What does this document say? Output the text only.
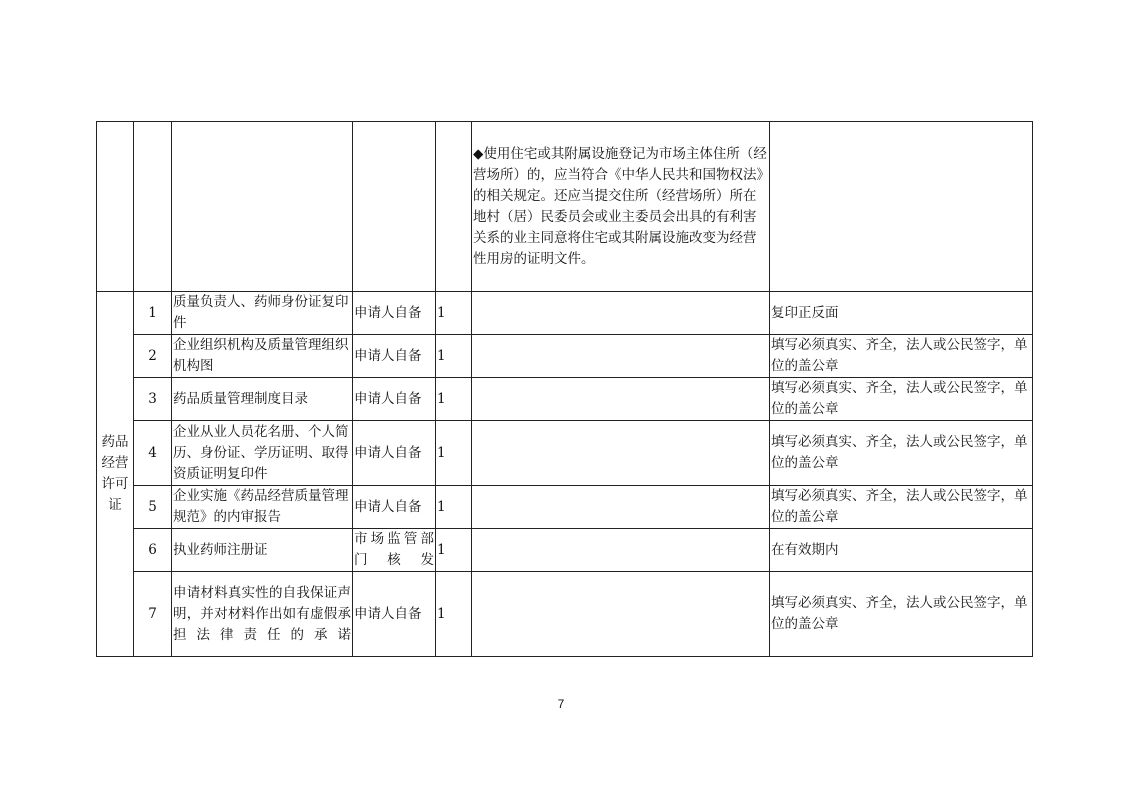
					◆使用住宅或其附属设施登记为市场主体住所（经营场所）的，应当符合《中华人民共和国物权法》的相关规定。还应当提交住所（经营场所）所在地村（居）民委员会或业主委员会出具的有利害关系的业主同意将住宅或其附属设施改变为经营性用房的证明文件。	
药品经营许可证	1	质量负责人、药师身份证复印件	申请人自备	1		复印正反面
	2	企业组织机构及质量管理组织机构图	申请人自备	1		填写必须真实、齐全，法人或公民签字，单位的盖公章
	3	药品质量管理制度目录	申请人自备	1		填写必须真实、齐全，法人或公民签字，单位的盖公章
	4	企业从业人员花名册、个人简历、身份证、学历证明、取得资质证明复印件	申请人自备	1		填写必须真实、齐全，法人或公民签字，单位的盖公章
	5	企业实施《药品经营质量管理规范》的内审报告	申请人自备	1		填写必须真实、齐全，法人或公民签字，单位的盖公章
	6	执业药师注册证	市场监管部门核发	1		在有效期内
	7	申请材料真实性的自我保证声明，并对材料作出如有虚假承担法律责任的承诺	申请人自备	1		填写必须真实、齐全，法人或公民签字，单位的盖公章
7
